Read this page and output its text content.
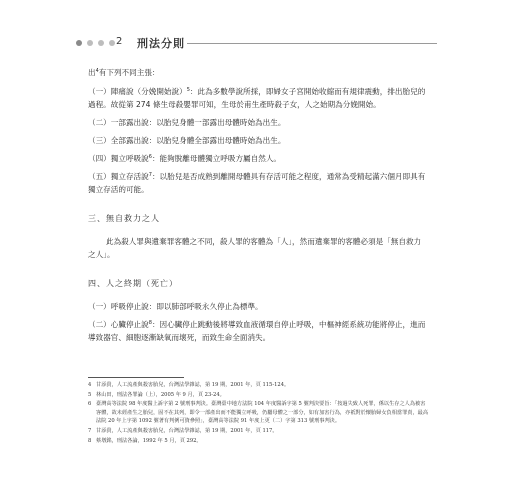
2 刑法分則

出$^4$有下列不同主張：

（一）陣痛說（分娩開始說）$^5$：此為多數學說所採，即婦女子宮開始收縮而有規律震動，排出胎兒的過程。故從第 274 條生母殺嬰罪可知，生母於甫生產時殺子女，人之始期為分娩開始。

（二）一部露出說：以胎兒身體一部露出母體時始為出生。

（三）全部露出說：以胎兒身體全部露出母體時始為出生。

（四）獨立呼吸說$^6$：能夠脫離母體獨立呼吸方屬自然人。

（五）獨立存活說$^7$：以胎兒是否成熟到離開母體具有存活可能之程度，通常為受精起滿六個月即具有獨立存活的可能。

三、無自救力之人

此為殺人罪與遺棄罪客體之不同，殺人罪的客體為「人」，然而遺棄罪的客體必須是「無自救力之人」。

四、人之終期（死亡）

（一）呼吸停止說：即以肺部呼吸永久停止為標準。

（二）心臟停止說$^8$：因心臟停止跳動後將導致血液循環自停止呼吸，中樞神經系統功能將停止，進而導致器官、細胞逐漸缺氧而壞死，而致生命全面消失。

4 甘添貴，人工流產與殺害胎兒，台灣法學雜誌，第 19 期，2001 年，頁 115-124。

5 林山田，刑法各罪論（上），2005 年 9 月，頁 23-24。

6 臺灣高等法院 98 年度醫上訴字第 2 號刑事判決。臺灣臺中地方法院 104 年度醫訴字第 5 號判決要旨：「按過失致人死罪，係以生存之人為被害客體，故未經產生之胎兒，固不在其列，即令一部產出而不能獨立呼吸，仍屬母體之一部分，如有加害行為，亦祇對於懷胎婦女負相當罪責，最高法院 20 年上字第 1092 號著有判例可資參照」，臺灣高等法院 91 年度上更（二）字第 313 號刑事判決。

7 甘添貴，人工流產與殺害胎兒，台灣法學雜誌，第 19 期，2001 年，頁 117。

8 蔡墩銘，刑法各論，1992 年 5 月，頁 292。
